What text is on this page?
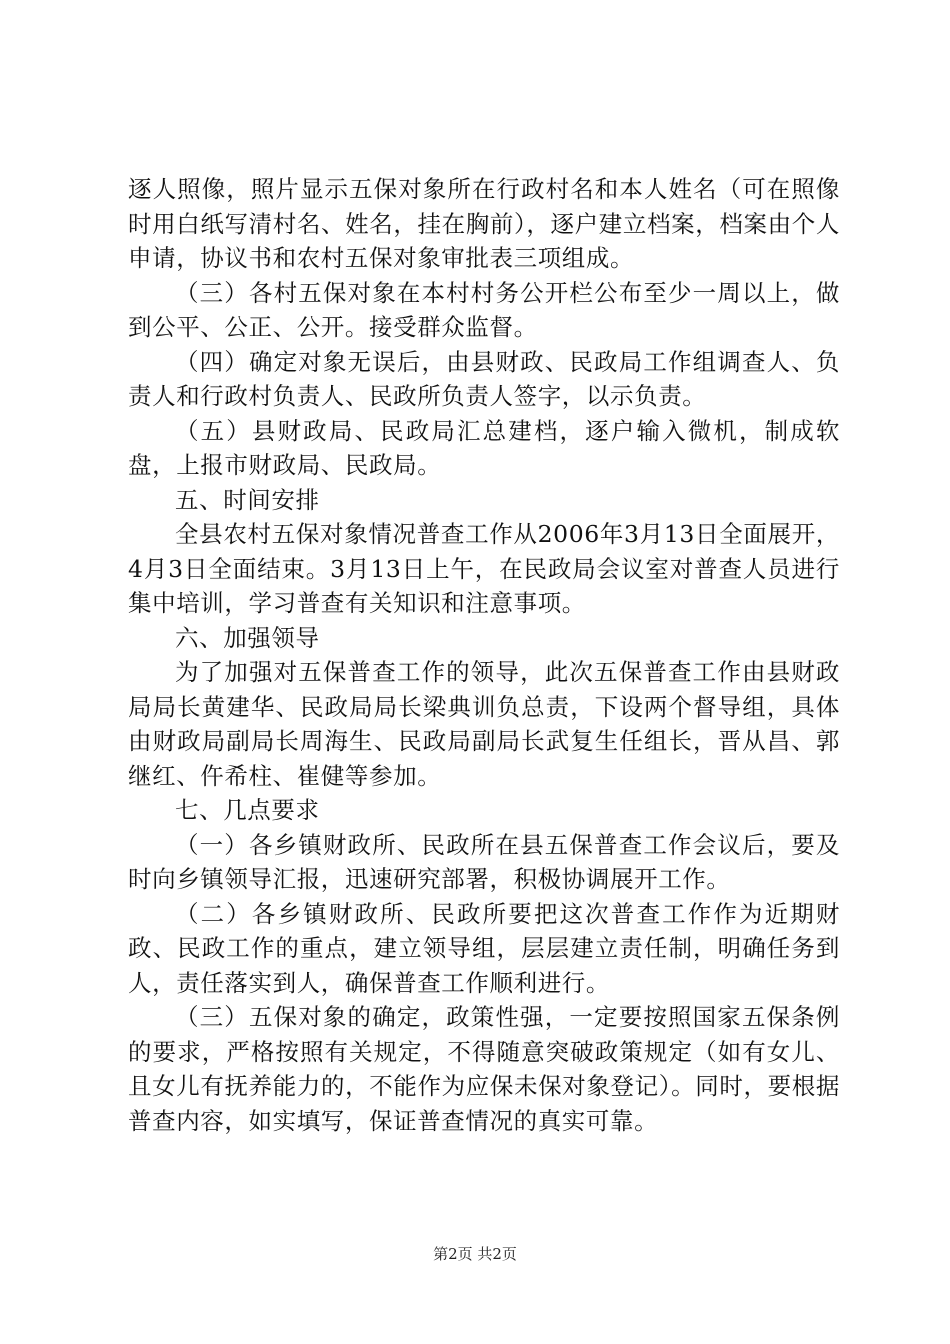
逐人照像，照片显示五保对象所在行政村名和本人姓名（可在照像时用白纸写清村名、姓名，挂在胸前），逐户建立档案，档案由个人申请，协议书和农村五保对象审批表三项组成。

（三）各村五保对象在本村村务公开栏公布至少一周以上，做到公平、公正、公开。接受群众监督。

（四）确定对象无误后，由县财政、民政局工作组调查人、负责人和行政村负责人、民政所负责人签字，以示负责。

（五）县财政局、民政局汇总建档，逐户输入微机，制成软盘，上报市财政局、民政局。

五、时间安排

全县农村五保对象情况普查工作从2006年3月13日全面展开，4月3日全面结束。3月13日上午，在民政局会议室对普查人员进行集中培训，学习普查有关知识和注意事项。

六、加强领导

为了加强对五保普查工作的领导，此次五保普查工作由县财政局局长黄建华、民政局局长梁典训负总责，下设两个督导组，具体由财政局副局长周海生、民政局副局长武复生任组长，晋从昌、郭继红、仵希柱、崔健等参加。

七、几点要求

（一）各乡镇财政所、民政所在县五保普查工作会议后，要及时向乡镇领导汇报，迅速研究部署，积极协调展开工作。

（二）各乡镇财政所、民政所要把这次普查工作作为近期财政、民政工作的重点，建立领导组，层层建立责任制，明确任务到人，责任落实到人，确保普查工作顺利进行。

（三）五保对象的确定，政策性强，一定要按照国家五保条例的要求，严格按照有关规定，不得随意突破政策规定（如有女儿、且女儿有抚养能力的，不能作为应保未保对象登记）。同时，要根据普查内容，如实填写，保证普查情况的真实可靠。

第2页 共2页
